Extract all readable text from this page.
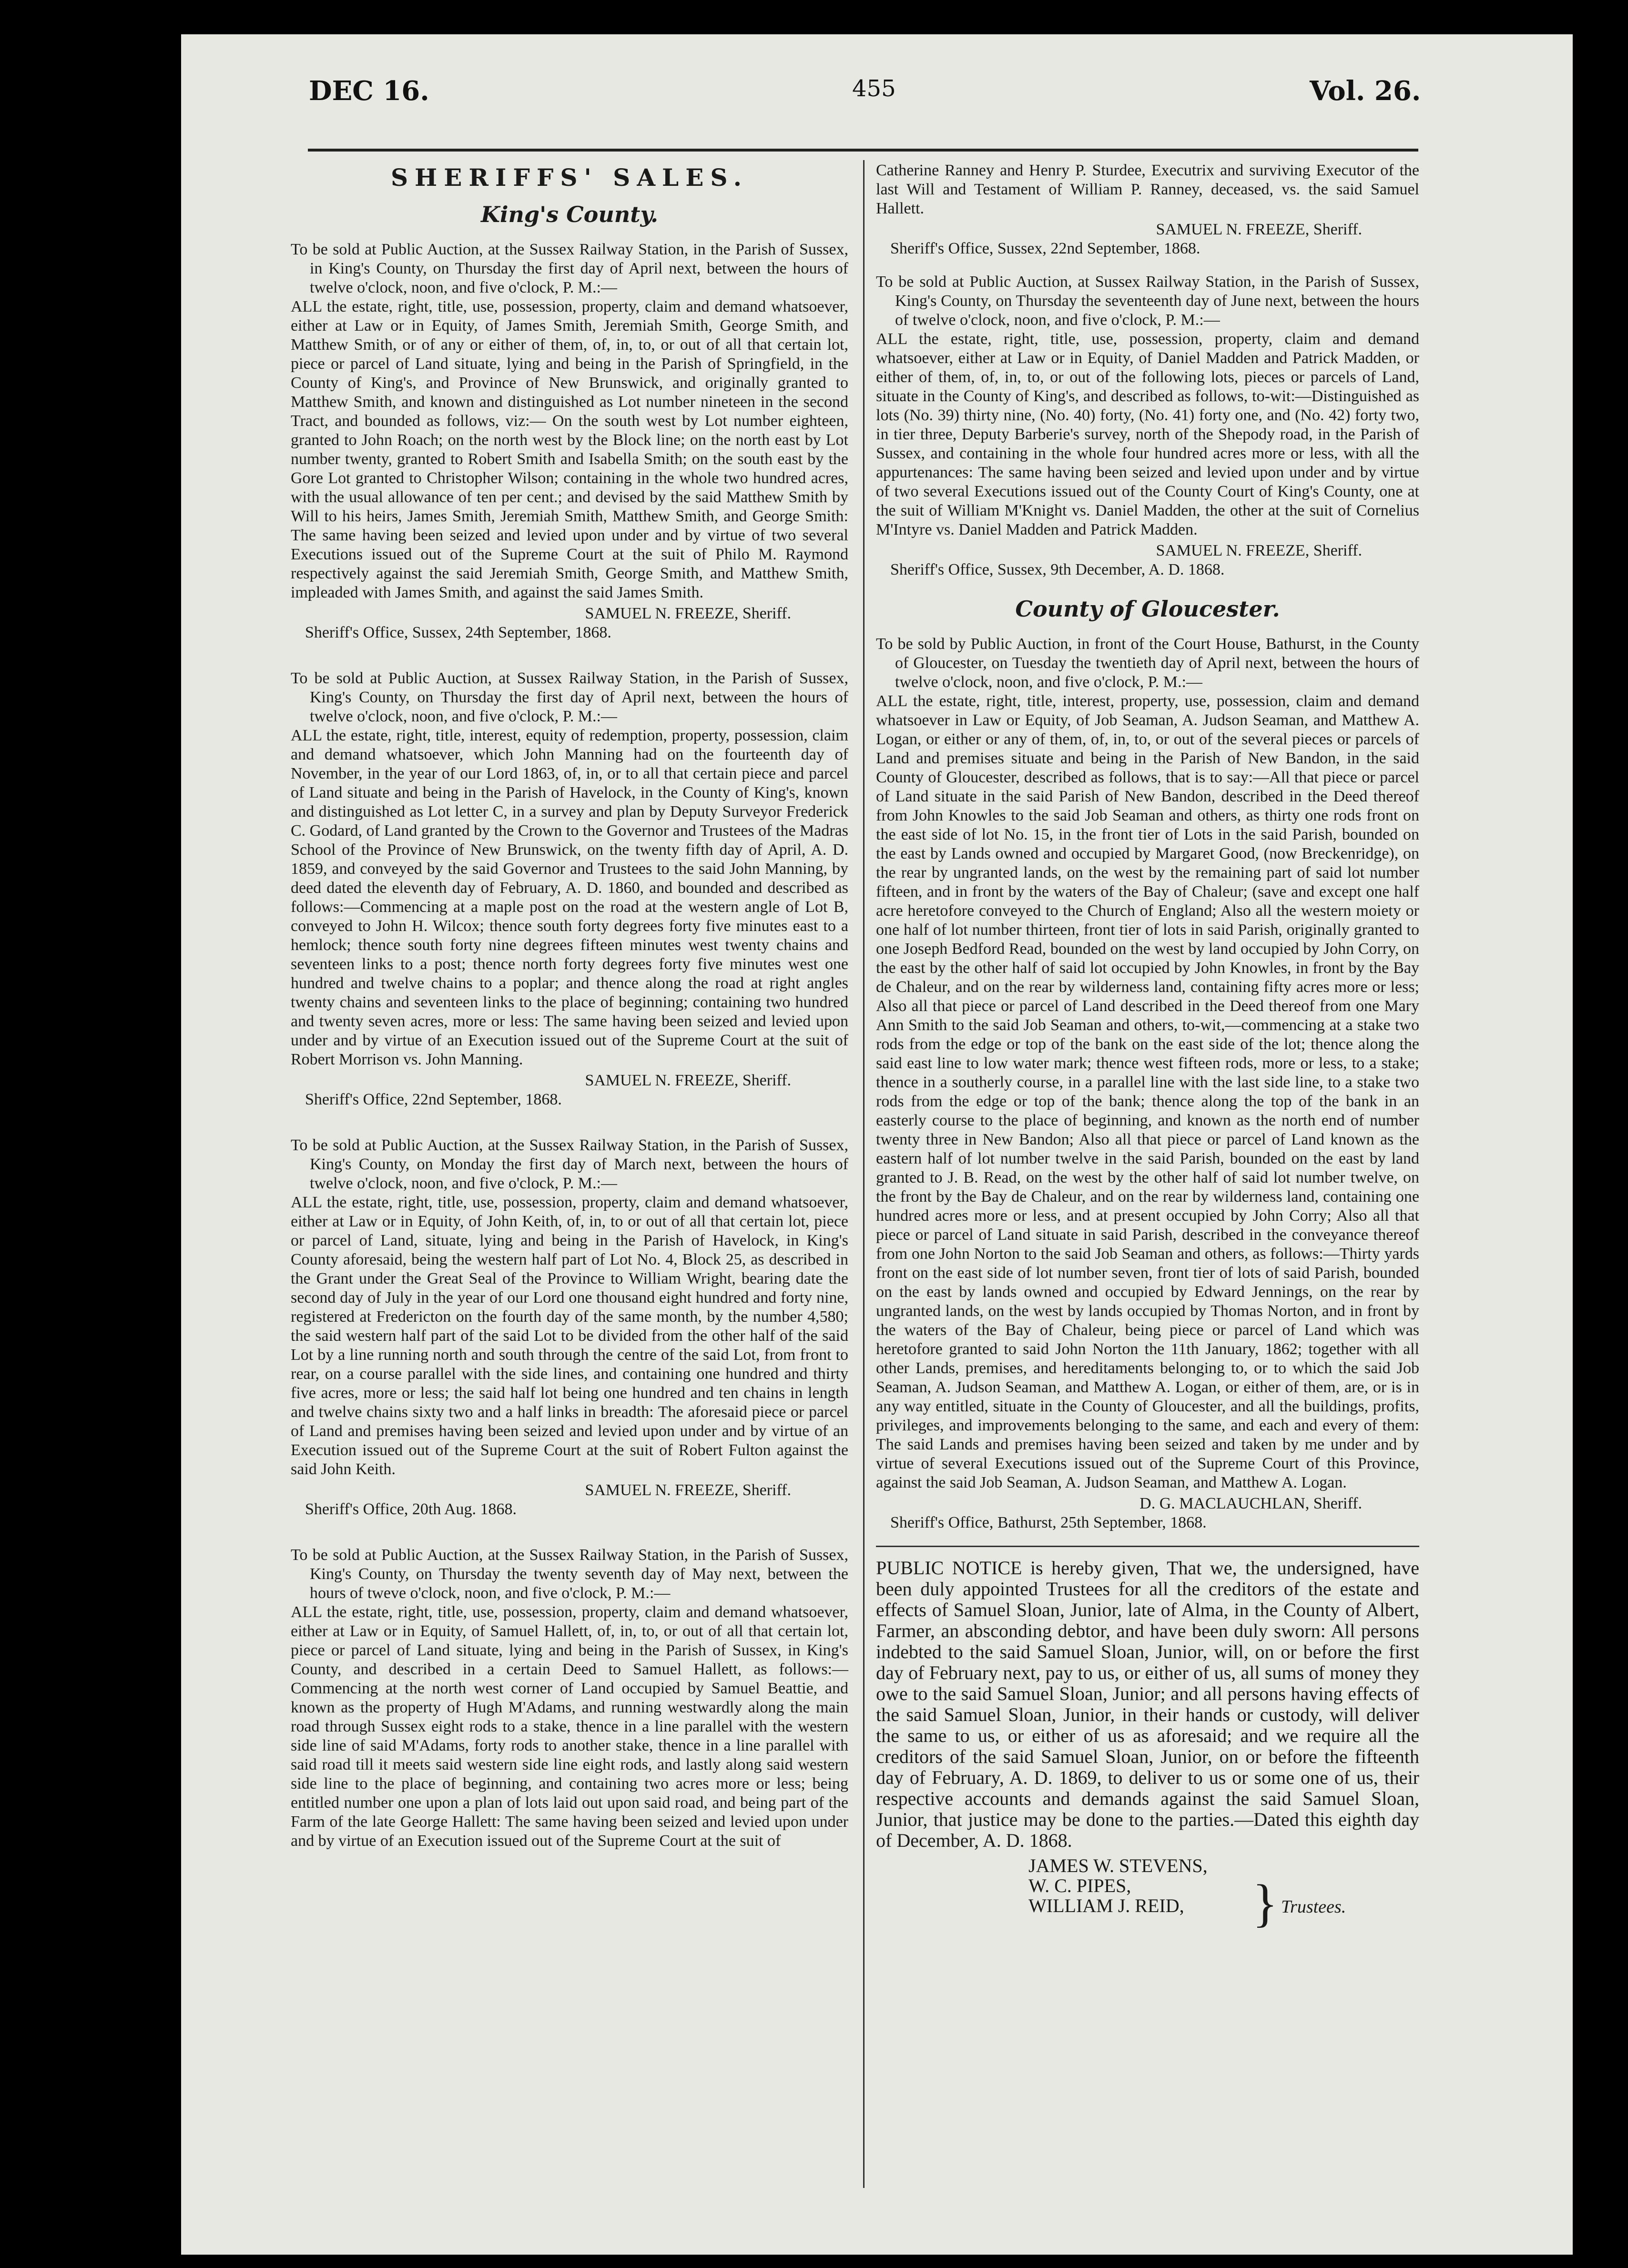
DEC 16.	455	Vol. 26.
SHERIFFS' SALES.
King's County.

To be sold at Public Auction, at the Sussex Railway Station, in the Parish of Sussex, in King's County, on Thursday the first day of April next, between the hours of twelve o'clock, noon, and five o'clock, P. M.:—

ALL the estate, right, title, use, possession, property, claim and demand whatsoever, either at Law or in Equity, of James Smith, Jeremiah Smith, George Smith, and Matthew Smith, or of any or either of them, of, in, to, or out of all that certain lot, piece or parcel of Land situate, lying and being in the Parish of Springfield, in the County of King's, and Province of New Brunswick, and originally granted to Matthew Smith, and known and distinguished as Lot number nineteen in the second Tract, and bounded as follows, viz:— On the south west by Lot number eighteen, granted to John Roach; on the north west by the Block line; on the north east by Lot number twenty, granted to Robert Smith and Isabella Smith; on the south east by the Gore Lot granted to Christopher Wilson; containing in the whole two hundred acres, with the usual allowance of ten per cent.; and devised by the said Matthew Smith by Will to his heirs, James Smith, Jeremiah Smith, Matthew Smith, and George Smith: The same having been seized and levied upon under and by virtue of two several Executions issued out of the Supreme Court at the suit of Philo M. Raymond respectively against the said Jeremiah Smith, George Smith, and Matthew Smith, impleaded with James Smith, and against the said James Smith.

SAMUEL N. FREEZE, Sheriff.

Sheriff's Office, Sussex, 24th September, 1868.

To be sold at Public Auction, at Sussex Railway Station, in the Parish of Sussex, King's County, on Thursday the first day of April next, between the hours of twelve o'clock, noon, and five o'clock, P. M.:—

ALL the estate, right, title, interest, equity of redemption, property, possession, claim and demand whatsoever, which John Manning had on the fourteenth day of November, in the year of our Lord 1863, of, in, or to all that certain piece and parcel of Land situate and being in the Parish of Havelock, in the County of King's, known and distinguished as Lot letter C, in a survey and plan by Deputy Surveyor Frederick C. Godard, of Land granted by the Crown to the Governor and Trustees of the Madras School of the Province of New Brunswick, on the twenty fifth day of April, A. D. 1859, and conveyed by the said Governor and Trustees to the said John Manning, by deed dated the eleventh day of February, A. D. 1860, and bounded and described as follows:—Commencing at a maple post on the road at the western angle of Lot B, conveyed to John H. Wilcox; thence south forty degrees forty five minutes east to a hemlock; thence south forty nine degrees fifteen minutes west twenty chains and seventeen links to a post; thence north forty degrees forty five minutes west one hundred and twelve chains to a poplar; and thence along the road at right angles twenty chains and seventeen links to the place of beginning; containing two hundred and twenty seven acres, more or less: The same having been seized and levied upon under and by virtue of an Execution issued out of the Supreme Court at the suit of Robert Morrison vs. John Manning.

SAMUEL N. FREEZE, Sheriff.

Sheriff's Office, 22nd September, 1868.

To be sold at Public Auction, at the Sussex Railway Station, in the Parish of Sussex, King's County, on Monday the first day of March next, between the hours of twelve o'clock, noon, and five o'clock, P. M.:—

ALL the estate, right, title, use, possession, property, claim and demand whatsoever, either at Law or in Equity, of John Keith, of, in, to or out of all that certain lot, piece or parcel of Land, situate, lying and being in the Parish of Havelock, in King's County aforesaid, being the western half part of Lot No. 4, Block 25, as described in the Grant under the Great Seal of the Province to William Wright, bearing date the second day of July in the year of our Lord one thousand eight hundred and forty nine, registered at Fredericton on the fourth day of the same month, by the number 4,580; the said western half part of the said Lot to be divided from the other half of the said Lot by a line running north and south through the centre of the said Lot, from front to rear, on a course parallel with the side lines, and containing one hundred and thirty five acres, more or less; the said half lot being one hundred and ten chains in length and twelve chains sixty two and a half links in breadth: The aforesaid piece or parcel of Land and premises having been seized and levied upon under and by virtue of an Execution issued out of the Supreme Court at the suit of Robert Fulton against the said John Keith.

SAMUEL N. FREEZE, Sheriff.

Sheriff's Office, 20th Aug. 1868.

To be sold at Public Auction, at the Sussex Railway Station, in the Parish of Sussex, King's County, on Thursday the twenty seventh day of May next, between the hours of tweve o'clock, noon, and five o'clock, P. M.:—

ALL the estate, right, title, use, possession, property, claim and demand whatsoever, either at Law or in Equity, of Samuel Hallett, of, in, to, or out of all that certain lot, piece or parcel of Land situate, lying and being in the Parish of Sussex, in King's County, and described in a certain Deed to Samuel Hallett, as follows:—Commencing at the north west corner of Land occupied by Samuel Beattie, and known as the property of Hugh M'Adams, and running westwardly along the main road through Sussex eight rods to a stake, thence in a line parallel with the western side line of said M'Adams, forty rods to another stake, thence in a line parallel with said road till it meets said western side line eight rods, and lastly along said western side line to the place of beginning, and containing two acres more or less; being entitled number one upon a plan of lots laid out upon said road, and being part of the Farm of the late George Hallett: The same having been seized and levied upon under and by virtue of an Execution issued out of the Supreme Court at the suit of

Catherine Ranney and Henry P. Sturdee, Executrix and surviving Executor of the last Will and Testament of William P. Ranney, deceased, vs. the said Samuel Hallett.

SAMUEL N. FREEZE, Sheriff.

Sheriff's Office, Sussex, 22nd September, 1868.

To be sold at Public Auction, at Sussex Railway Station, in the Parish of Sussex, King's County, on Thursday the seventeenth day of June next, between the hours of twelve o'clock, noon, and five o'clock, P. M.:—

ALL the estate, right, title, use, possession, property, claim and demand whatsoever, either at Law or in Equity, of Daniel Madden and Patrick Madden, or either of them, of, in, to, or out of the following lots, pieces or parcels of Land, situate in the County of King's, and described as follows, to-wit:—Distinguished as lots (No. 39) thirty nine, (No. 40) forty, (No. 41) forty one, and (No. 42) forty two, in tier three, Deputy Barberie's survey, north of the Shepody road, in the Parish of Sussex, and containing in the whole four hundred acres more or less, with all the appurtenances: The same having been seized and levied upon under and by virtue of two several Executions issued out of the County Court of King's County, one at the suit of William M'Knight vs. Daniel Madden, the other at the suit of Cornelius M'Intyre vs. Daniel Madden and Patrick Madden.

SAMUEL N. FREEZE, Sheriff.

Sheriff's Office, Sussex, 9th December, A. D. 1868.

County of Gloucester.

To be sold by Public Auction, in front of the Court House, Bathurst, in the County of Gloucester, on Tuesday the twentieth day of April next, between the hours of twelve o'clock, noon, and five o'clock, P. M.:—

ALL the estate, right, title, interest, property, use, possession, claim and demand whatsoever in Law or Equity, of Job Seaman, A. Judson Seaman, and Matthew A. Logan, or either or any of them, of, in, to, or out of the several pieces or parcels of Land and premises situate and being in the Parish of New Bandon, in the said County of Gloucester, described as follows, that is to say:—All that piece or parcel of Land situate in the said Parish of New Bandon, described in the Deed thereof from John Knowles to the said Job Seaman and others, as thirty one rods front on the east side of lot No. 15, in the front tier of Lots in the said Parish, bounded on the east by Lands owned and occupied by Margaret Good, (now Breckenridge), on the rear by ungranted lands, on the west by the remaining part of said lot number fifteen, and in front by the waters of the Bay of Chaleur; (save and except one half acre heretofore conveyed to the Church of England; Also all the western moiety or one half of lot number thirteen, front tier of lots in said Parish, originally granted to one Joseph Bedford Read, bounded on the west by land occupied by John Corry, on the east by the other half of said lot occupied by John Knowles, in front by the Bay de Chaleur, and on the rear by wilderness land, containing fifty acres more or less; Also all that piece or parcel of Land described in the Deed thereof from one Mary Ann Smith to the said Job Seaman and others, to-wit,—commencing at a stake two rods from the edge or top of the bank on the east side of the lot; thence along the said east line to low water mark; thence west fifteen rods, more or less, to a stake; thence in a southerly course, in a parallel line with the last side line, to a stake two rods from the edge or top of the bank; thence along the top of the bank in an easterly course to the place of beginning, and known as the north end of number twenty three in New Bandon; Also all that piece or parcel of Land known as the eastern half of lot number twelve in the said Parish, bounded on the east by land granted to J. B. Read, on the west by the other half of said lot number twelve, on the front by the Bay de Chaleur, and on the rear by wilderness land, containing one hundred acres more or less, and at present occupied by John Corry; Also all that piece or parcel of Land situate in said Parish, described in the conveyance thereof from one John Norton to the said Job Seaman and others, as follows:—Thirty yards front on the east side of lot number seven, front tier of lots of said Parish, bounded on the east by lands owned and occupied by Edward Jennings, on the rear by ungranted lands, on the west by lands occupied by Thomas Norton, and in front by the waters of the Bay of Chaleur, being piece or parcel of Land which was heretofore granted to said John Norton the 11th January, 1862; together with all other Lands, premises, and hereditaments belonging to, or to which the said Job Seaman, A. Judson Seaman, and Matthew A. Logan, or either of them, are, or is in any way entitled, situate in the County of Gloucester, and all the buildings, profits, privileges, and improvements belonging to the same, and each and every of them: The said Lands and premises having been seized and taken by me under and by virtue of several Executions issued out of the Supreme Court of this Province, against the said Job Seaman, A. Judson Seaman, and Matthew A. Logan.

D. G. MACLAUCHLAN, Sheriff.

Sheriff's Office, Bathurst, 25th September, 1868.

PUBLIC NOTICE is hereby given, That we, the undersigned, have been duly appointed Trustees for all the creditors of the estate and effects of Samuel Sloan, Junior, late of Alma, in the County of Albert, Farmer, an absconding debtor, and have been duly sworn: All persons indebted to the said Samuel Sloan, Junior, will, on or before the first day of February next, pay to us, or either of us, all sums of money they owe to the said Samuel Sloan, Junior; and all persons having effects of the said Samuel Sloan, Junior, in their hands or custody, will deliver the same to us, or either of us as aforesaid; and we require all the creditors of the said Samuel Sloan, Junior, on or before the fifteenth day of February, A. D. 1869, to deliver to us or some one of us, their respective accounts and demands against the said Samuel Sloan, Junior, that justice may be done to the parties.—Dated this eighth day of December, A. D. 1868.

JAMES W. STEVENS,
W. C. PIPES,
WILLIAM J. REID,	} Trustees.
